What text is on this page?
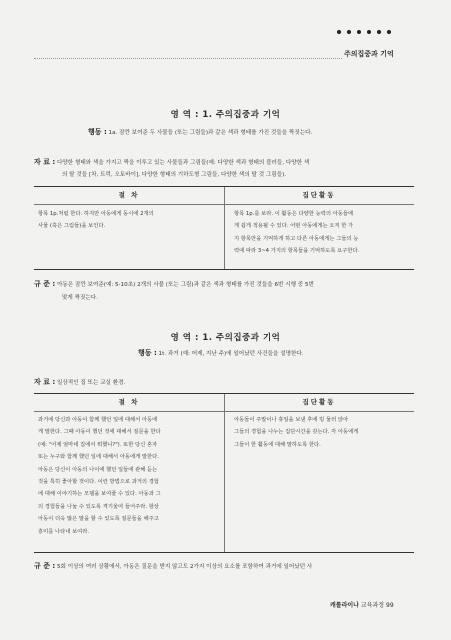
주의집중과 기억
영 역 : 1. 주의집중과 기억
행동 : 1a. 잠깐 보여준 두 사물들 (또는 그림들)과 같은 색과 형태를 가진 것들을 짝짓는다.
자 료 : 다양한 형태와 색을 가지고 짝을 이루고 있는 사물들과 그림들(예: 다양한 색과 형태의 블러들, 다양한 색
의 탈 것들 [차, 트럭, 오토바이], 다양한 형태의 기하도형 그림들, 다양한 색의 탈 것 그림들).
절 차	집단활동
항목 1p.처럼 한다. 하지만 아동에게 동시에 2개의
사물 (혹은 그림들)을 보인다.
항목 1p.를 보라. 이 활동은 다양한 능력의 아동들에
게 쉽게 적용될 수 있다. 어떤 아동에게는 오직 한 가
지 항목만을 기억하게 하고 다른 아동에게는 그들의 능
력에 따라 3~4 가지의 항목들을 기억하도록 요구한다.
규 준 : 아동은 잠깐 보여준(예: 5-10초) 2개의 사물 (또는 그림)과 같은 색과 형태를 가진 것들을 6번 시행 중 5번
맞게 짝짓는다.
영 역 : 1. 주의집중과 기억
행동 : 1t. 과거 (예: 어제, 지난 주)에 일어났던 사건들을 설명한다.
자 료 : 일상적인 집 또는 교실 환경.
절 차	집단활동
과거에 당신과 아동이 함께 했던 일에 대해서 아동에
게 말한다. 그때 아동이 했던 것에 대해서 질문을 한다
(예: "어제 엄마네 집에서 뭐했니?"). 또한 당신 혼자
또는 누구와 함께 했던 일에 대해서 아동에게 말한다.
아동은 당신이 아동의 나이에 했던 일들에 관해 듣는
것을 특히 좋아할 것이다. 이런 방법으로 과거의 경험
에 대해 이야기하는 모델을 보여줄 수 있다. 아동과 그
의 경험들을 나눌 수 있도록 격기울여 들어주라. 항상
아동이 더욱 많은 말을 할 수 있도록 질문들을 해주고
흥미를 나타내 보여라.
아동들이 주말이나 휴일을 보낸 후에 빙 둘러 앉아
그들의 경험을 나누는 집단시간을 갖는다. 각 아동에게
그들이 한 활동에 대해 말하도록 한다.
규 준 : 5회 이상의 여러 상황에서, 아동은 질문을 받지 않고도 2가지 이상의 요소를 포함하여 과거에 일어났던 사
캐롤라이나 교육과정 99
